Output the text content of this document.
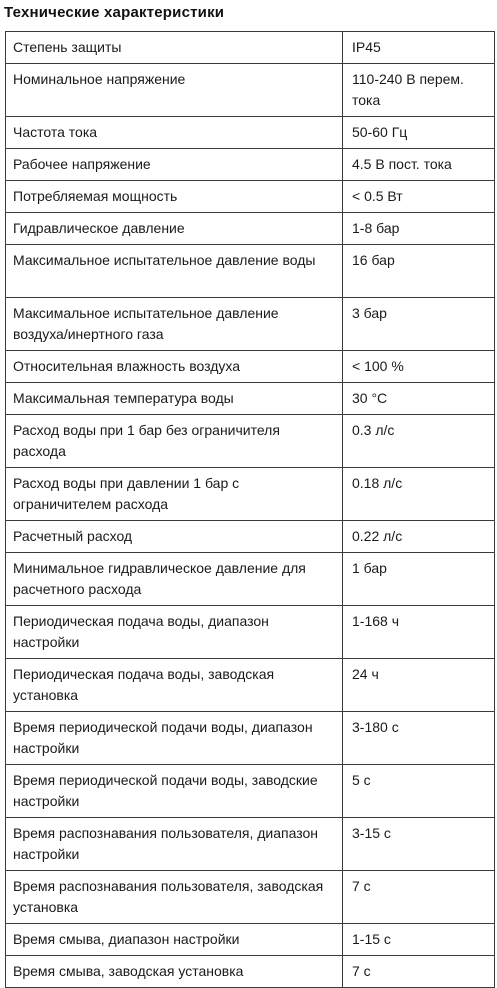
Технические характеристики
Степень защиты	IP45
Номинальное напряжение	110-240 В перем. тока
Частота тока	50-60 Гц
Рабочее напряжение	4.5 В пост. тока
Потребляемая мощность	< 0.5 Вт
Гидравлическое давление	1-8 бар
Максимальное испытательное давление воды	16 бар
Максимальное испытательное давление воздуха/инертного газа	3 бар
Относительная влажность воздуха	< 100 %
Максимальная температура воды	30 °C
Расход воды при 1 бар без ограничителя расхода	0.3 л/с
Расход воды при давлении 1 бар с ограничителем расхода	0.18 л/с
Расчетный расход	0.22 л/с
Минимальное гидравлическое давление для расчетного расхода	1 бар
Периодическая подача воды, диапазон настройки	1-168 ч
Периодическая подача воды, заводская установка	24 ч
Время периодической подачи воды, диапазон настройки	3-180 с
Время периодической подачи воды, заводские настройки	5 с
Время распознавания пользователя, диапазон настройки	3-15 с
Время распознавания пользователя, заводская установка	7 с
Время смыва, диапазон настройки	1-15 с
Время смыва, заводская установка	7 с
